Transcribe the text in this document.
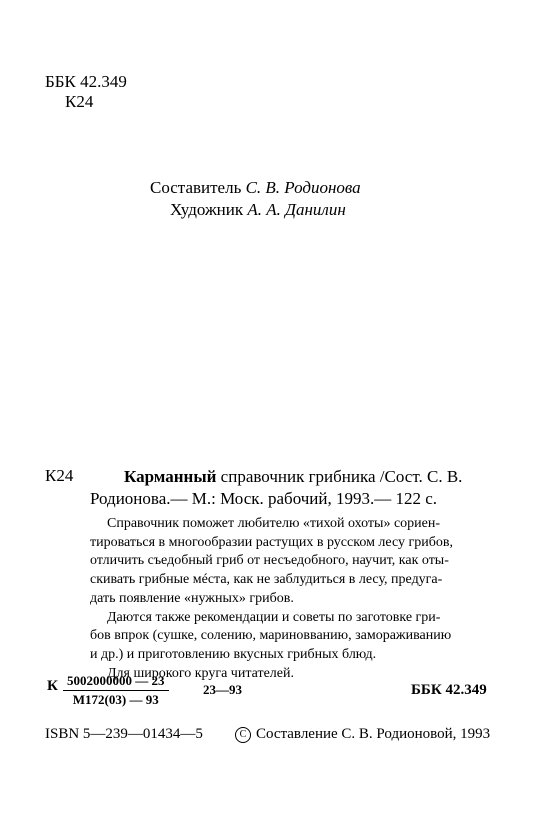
ББК 42.349
К24
Составитель С. В. Родионова
Художник А. А. Данилин
К24	Карманный справочник грибника /Сост. С. В.
Родионова.— М.: Моск. рабочий, 1993.— 122 с.
Справочник поможет любителю «тихой охоты» сориен-
тироваться в многообразии растущих в русском лесу грибов,
отличить съедобный гриб от несъедобного, научит, как оты-
скивать грибные мéста, как не заблудиться в лесу, предуга-
дать появление «нужных» грибов.
Даются также рекомендации и советы по заготовке гри-
бов впрок (сушке, солению, мариновванию, замораживанию
и др.) и приготовлению вкусных грибных блюд.
Для широкого круга читателей.
К 5002000000 — 23
М172(03) — 93
23—93	ББК 42.349
ISBN 5—239—01434—5	C Составление С. В. Родионовой, 1993
